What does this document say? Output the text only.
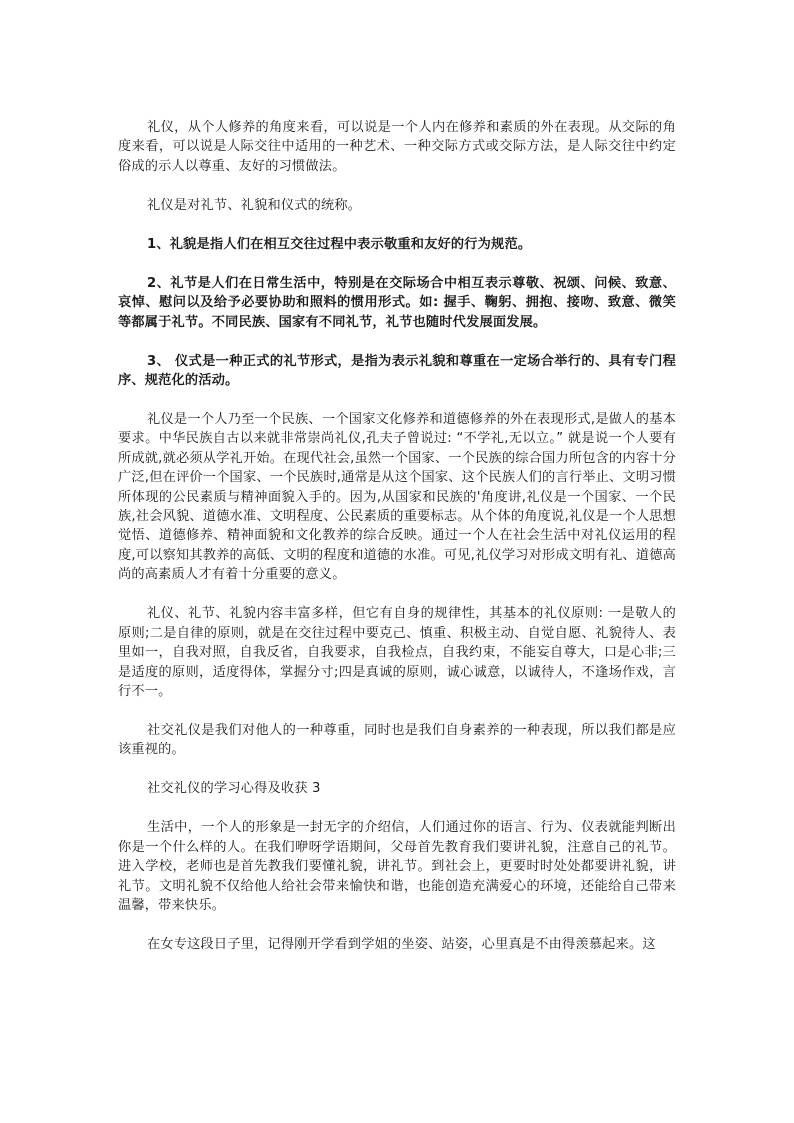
礼仪，从个人修养的角度来看，可以说是一个人内在修养和素质的外在表现。从交际的角度来看，可以说是人际交往中适用的一种艺术、一种交际方式或交际方法，是人际交往中约定俗成的示人以尊重、友好的习惯做法。

礼仪是对礼节、礼貌和仪式的统称。

1、礼貌是指人们在相互交往过程中表示敬重和友好的行为规范。

2、礼节是人们在日常生活中，特别是在交际场合中相互表示尊敬、祝颂、问候、致意、哀悼、慰问以及给予必要协助和照料的惯用形式。如: 握手、鞠躬、拥抱、接吻、致意、微笑等都属于礼节。不同民族、国家有不同礼节，礼节也随时代发展面发展。

3、 仪式是一种正式的礼节形式，是指为表示礼貌和尊重在一定场合举行的、具有专门程序、规范化的活动。

礼仪是一个人乃至一个民族、一个国家文化修养和道德修养的外在表现形式,是做人的基本要求。中华民族自古以来就非常崇尚礼仪,孔夫子曾说过: “不学礼,无以立。” 就是说一个人要有所成就,就必须从学礼开始。在现代社会,虽然一个国家、一个民族的综合国力所包含的内容十分广泛,但在评价一个国家、一个民族时,通常是从这个国家、这个民族人们的言行举止、文明习惯所体现的公民素质与精神面貌入手的。因为,从国家和民族的'角度讲,礼仪是一个国家、一个民族,社会风貌、道德水准、文明程度、公民素质的重要标志。从个体的角度说,礼仪是一个人思想觉悟、道德修养、精神面貌和文化教养的综合反映。通过一个人在社会生活中对礼仪运用的程度,可以察知其教养的高低、文明的程度和道德的水准。可见,礼仪学习对形成文明有礼、道德高尚的高素质人才有着十分重要的意义。

礼仪、礼节、礼貌内容丰富多样，但它有自身的规律性，其基本的礼仪原则: 一是敬人的原则;二是自律的原则，就是在交往过程中要克己、慎重、积极主动、自觉自愿、礼貌待人、表里如一，自我对照，自我反省，自我要求，自我检点，自我约束，不能妄自尊大，口是心非;三是适度的原则，适度得体，掌握分寸;四是真诚的原则，诚心诚意，以诚待人，不逢场作戏，言行不一。

社交礼仪是我们对他人的一种尊重，同时也是我们自身素养的一种表现，所以我们都是应该重视的。

社交礼仪的学习心得及收获 3

生活中，一个人的形象是一封无字的介绍信，人们通过你的语言、行为、仪表就能判断出你是一个什么样的人。在我们咿呀学语期间，父母首先教育我们要讲礼貌，注意自己的礼节。进入学校，老师也是首先教我们要懂礼貌，讲礼节。到社会上，更要时时处处都要讲礼貌，讲礼节。文明礼貌不仅给他人给社会带来愉快和谐，也能创造充满爱心的环境，还能给自己带来温馨，带来快乐。

在女专这段日子里，记得刚开学看到学姐的坐姿、站姿，心里真是不由得羡慕起来。这
